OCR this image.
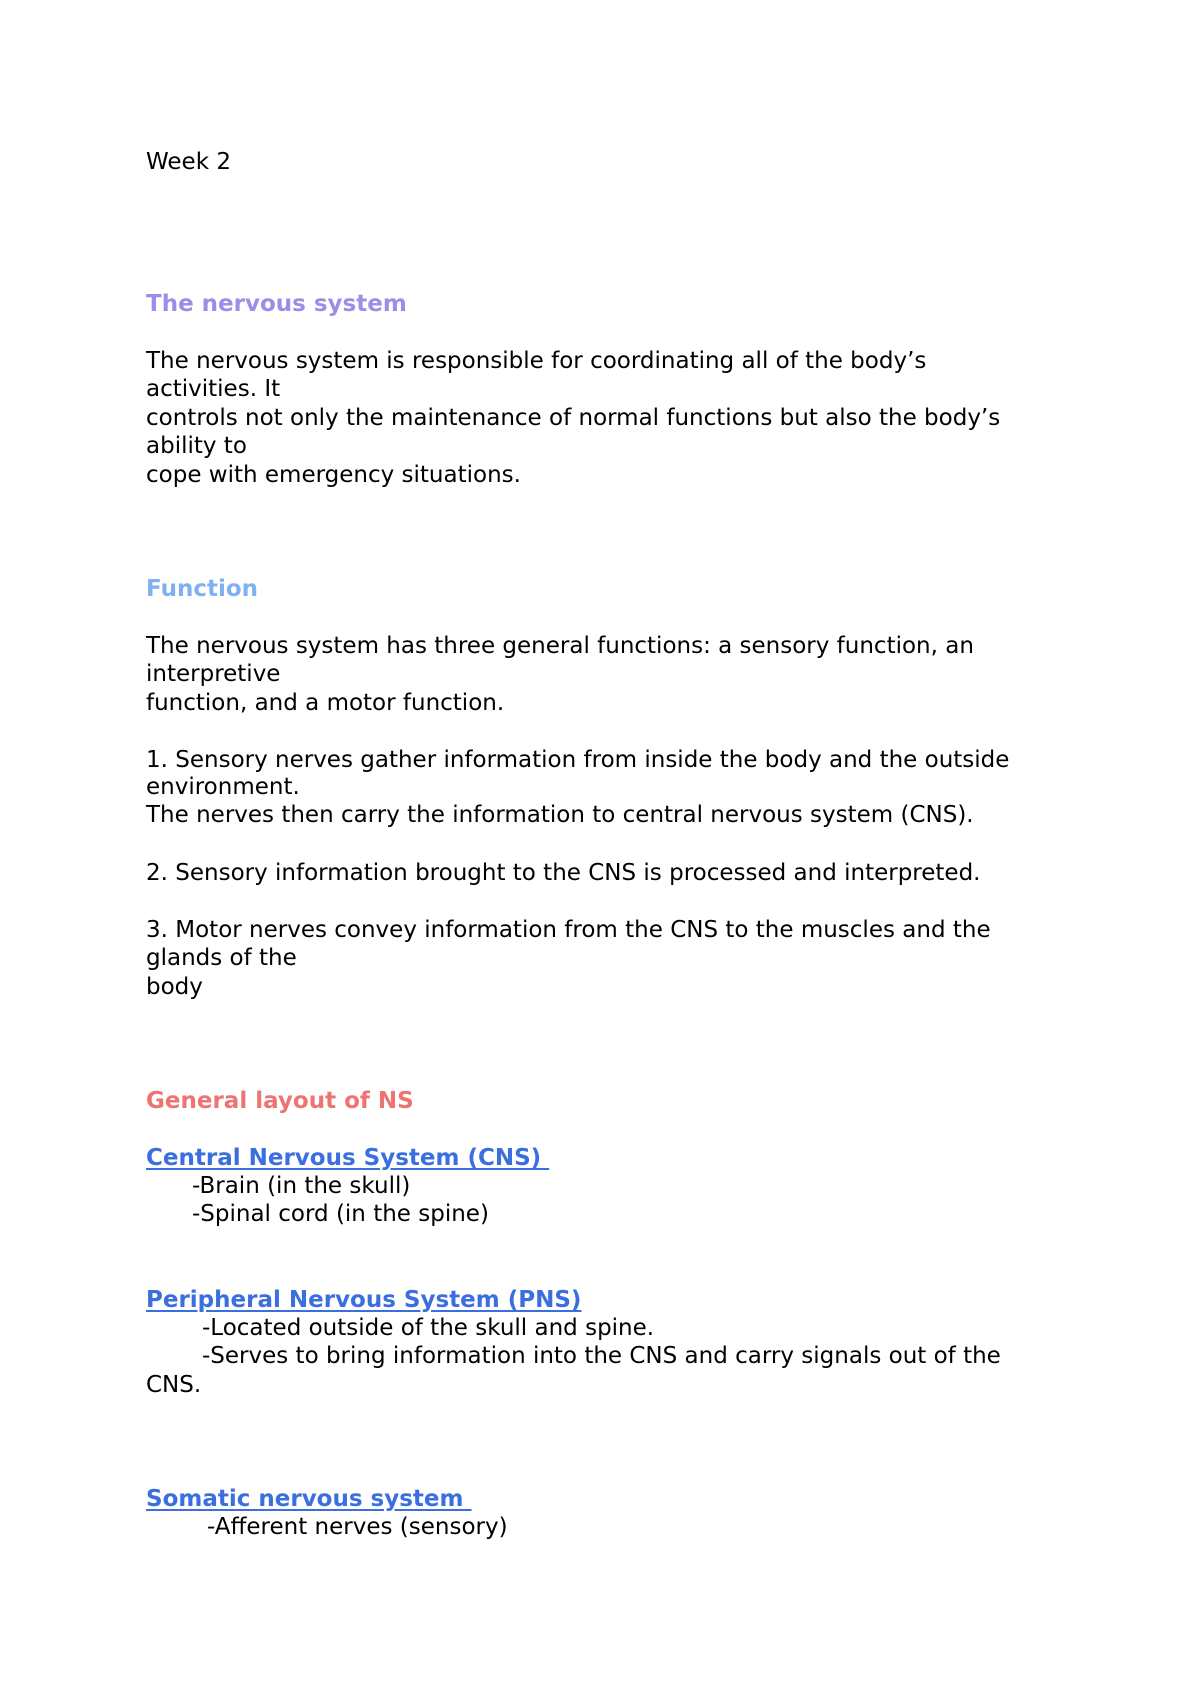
Week 2
The nervous system
The nervous system is responsible for coordinating all of the body’s
activities. It
controls not only the maintenance of normal functions but also the body’s
ability to
cope with emergency situations.
Function
The nervous system has three general functions: a sensory function, an
interpretive
function, and a motor function.
1. Sensory nerves gather information from inside the body and the outside
environment.
The nerves then carry the information to central nervous system (CNS).
2. Sensory information brought to the CNS is processed and interpreted.
3. Motor nerves convey information from the CNS to the muscles and the
glands of the
body
General layout of NS
Central Nervous System (CNS)
-Brain (in the skull)
-Spinal cord (in the spine)
Peripheral Nervous System (PNS)
-Located outside of the skull and spine.
-Serves to bring information into the CNS and carry signals out of the
CNS.
Somatic nervous system
-Afferent nerves (sensory)
